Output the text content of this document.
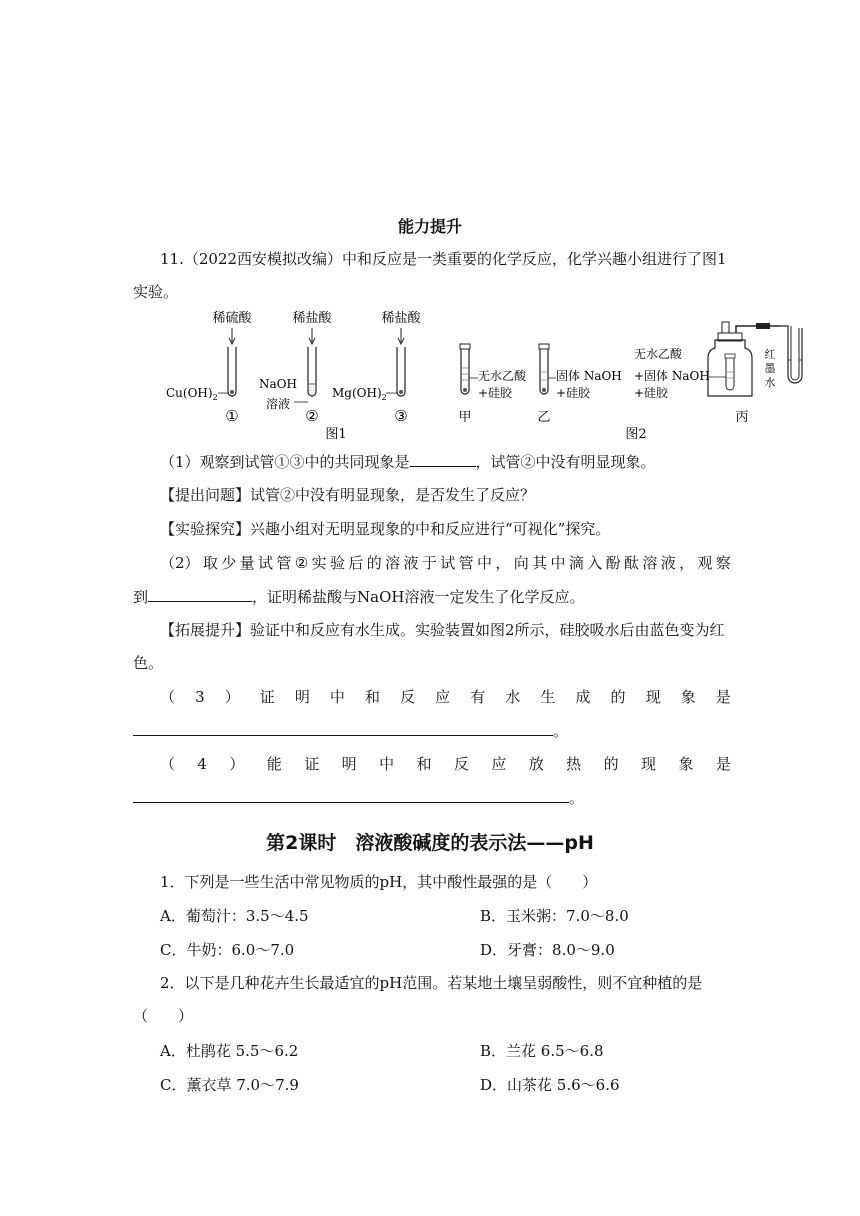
能力提升
11.（2022西安模拟改编）中和反应是一类重要的化学反应，化学兴趣小组进行了图1
实验。
稀硫酸
$Cu(OH)_2$
①
稀盐酸
NaOH
溶液
②
稀盐酸
$Mg(OH)_2$
③
图1
无水乙酸
+硅胶
甲
固体 NaOH
+硅胶
乙
无水乙酸
+固体 NaOH
+硅胶
红
墨
水
丙
图2
（1）观察到试管①③中的共同现象是	，试管②中没有明显现象。
【提出问题】试管②中没有明显现象，是否发生了反应？
【实验探究】兴趣小组对无明显现象的中和反应进行“可视化”探究。
（2） 取 少 量 试 管 ② 实 验 后 的 溶 液 于 试 管 中 ， 向 其 中 滴 入 酚 酞 溶 液 ， 观 察
到	，证明稀盐酸与NaOH溶液一定发生了化学反应。
【拓展提升】验证中和反应有水生成。实验装置如图2所示，硅胶吸水后由蓝色变为红
色。
（ 3 ） 证 明 中 和 反 应 有 水 生 成 的 现 象 是
。
（ 4 ） 能 证 明 中 和 反 应 放 热 的 现 象 是
。
第2课时　溶液酸碱度的表示法——pH
1．下列是一些生活中常见物质的pH，其中酸性最强的是（　　）
A．葡萄汁：3.5～4.5	B．玉米粥：7.0～8.0
C．牛奶：6.0～7.0	D．牙膏：8.0～9.0
2．以下是几种花卉生长最适宜的pH范围。若某地土壤呈弱酸性，则不宜种植的是
（　　）
A．杜鹃花 5.5～6.2	B．兰花 6.5～6.8
C．薰衣草 7.0～7.9	D．山茶花 5.6～6.6
